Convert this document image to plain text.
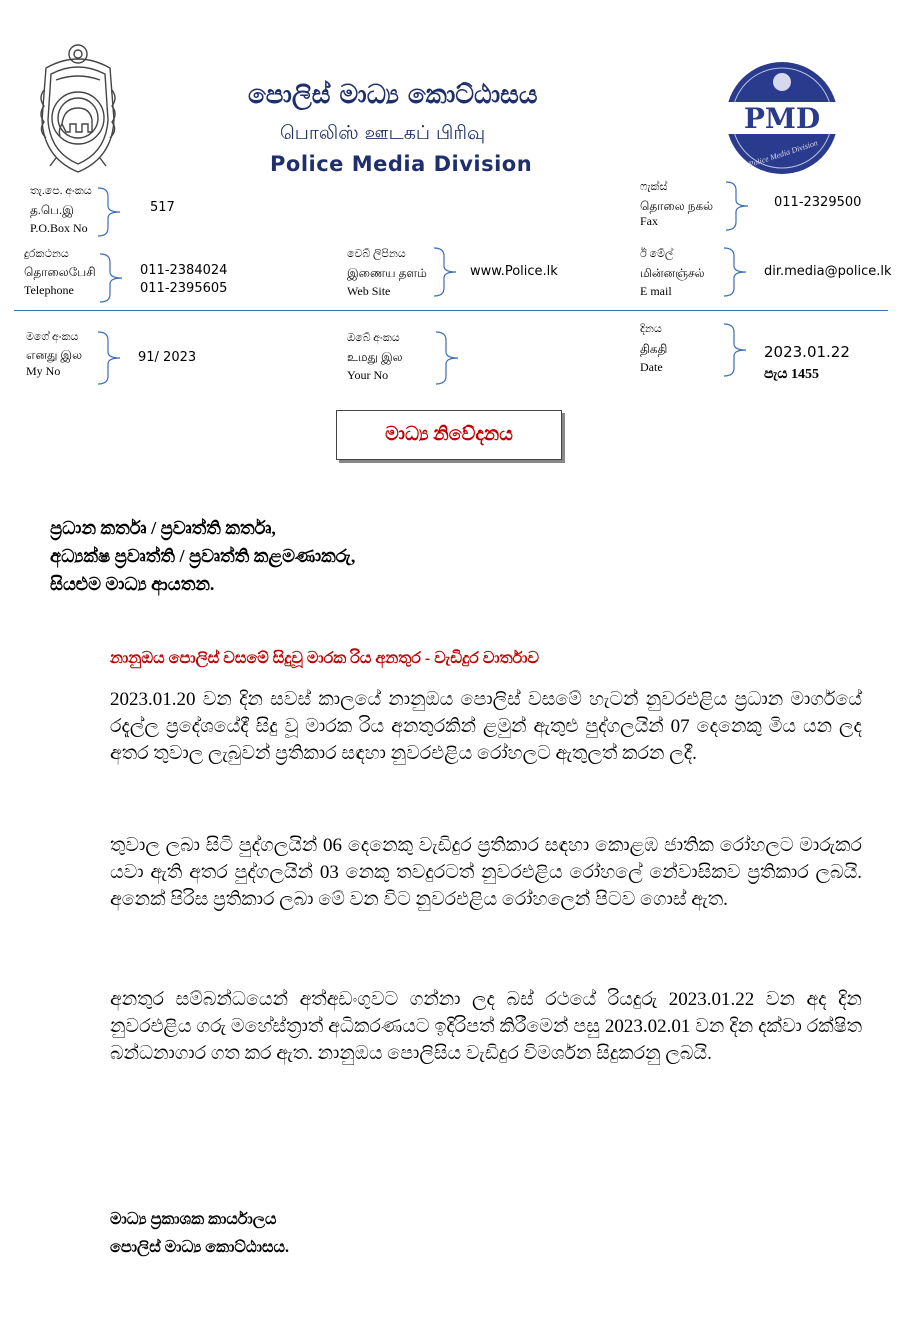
පොලිස් මාධ්‍ය කොට්ඨාසය
பொலிஸ் ஊடகப் பிரிவு
Police Media Division
PMD
Police Media Division
තැ.පෙ. අංකය
த.பெ.இ
P.O.Box No
517
ෆැක්ස්
தொலை நகல்
Fax
011-2329500
දුරකථනය
தொலைபேசி
Telephone
011-2384024
011-2395605
වෙබ් ලිපිනය
இணைய தளம்
Web Site
www.Police.lk
ඊ මේල්
மின்னஞ்சல்
E mail
dir.media@police.lk
මගේ අංකය
எனது இல
My No
91/ 2023
ඔබේ අංකය
உமது இல
Your No
දිනය
திகதி
Date
2023.01.22
පැය 1455
මාධ්‍ය නිවේදනය
ප්‍රධාන කර්තෘ / ප්‍රවෘත්ති කර්තෘ,
අධ්‍යක්ෂ ප්‍රවෘත්ති / ප්‍රවෘත්ති කළමණාකරු,
සියළුම මාධ්‍ය ආයතන.
නානුඔය පොලිස් වසමේ සිදුවූ මාරක රිය අනතුර - වැඩිදුර වාර්තාව
2023.01.20 වන දින සවස් කාලයේ නානුඔය පොලිස් වසමේ හැටන් නුවරඑළිය ප්‍රධාන මාර්ගයේ රදැල්ල ප්‍රදේශයේදී සිදු වූ මාරක රිය අනතුරකින් ළමුන් ඇතුළු පුද්ගලයින් 07 දෙනෙකු මිය යන ලද අතර තුවාල ලැබුවන් ප්‍රතිකාර සඳහා නුවරඑළිය රෝහලට ඇතුලත් කරන ලදී.
තුවාල ලබා සිටි පුද්ගලයින් 06 දෙනෙකු වැඩිදුර ප්‍රතිකාර සඳහා කොළඹ ජාතික රෝහලට මාරුකර යවා ඇති අතර පුද්ගලයින් 03 නෙකු තවදුරටත් නුවරඑළිය රෝහලේ නේවාසිකව ප්‍රතිකාර ලබයි. අනෙක් පිරිස ප්‍රතිකාර ලබා මේ වන විට නුවරඑළිය රෝහලෙන් පිටව ගොස් ඇත.
අනතුර සම්බන්ධයෙන් අත්අඩංගුවට ගන්නා ලද බස් රථයේ රියදුරු 2023.01.22 වන අද දින නුවරඑළිය ගරු මහේස්ත්‍රාත් අධිකරණයට ඉදිරිපත් කිරීමෙන් පසු 2023.02.01 වන දින දක්වා රක්ෂිත බන්ධනාගාර ගත කර ඇත. නානුඔය පොලිසිය වැඩිදුර විමර්ශන සිදුකරනු ලබයි.
මාධ්‍ය ප්‍රකාශක කාර්යාලය
පොලිස් මාධ්‍ය කොට්ඨාසය.
